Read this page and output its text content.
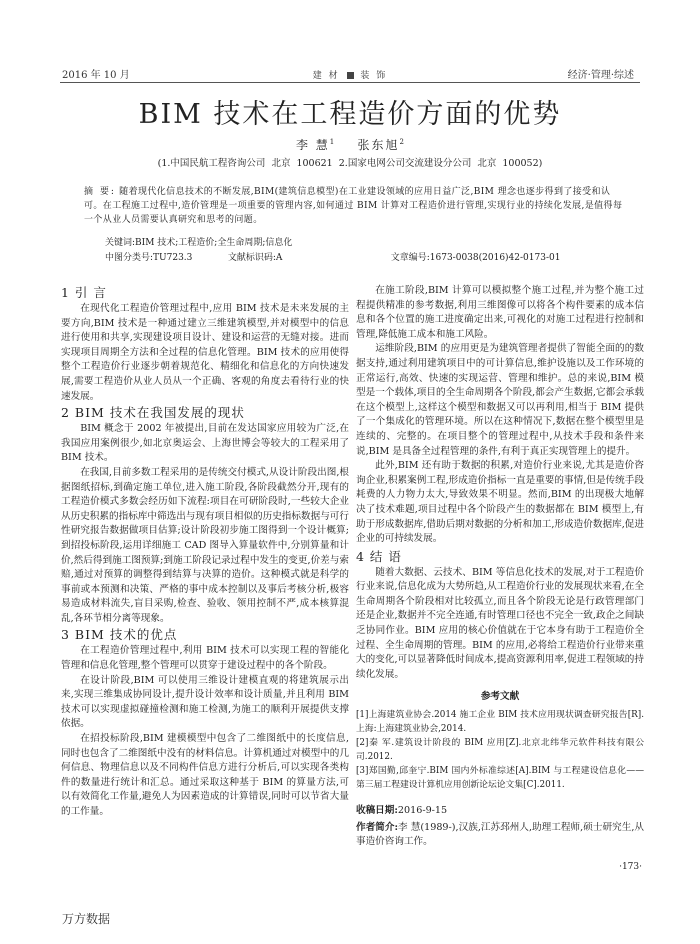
2016 年 10 月	建 材 装 饰	经济·管理·综述
BIM 技术在工程造价方面的优势
李 慧$^1$ 张东旭$^2$
(1.中国民航工程咨询公司 北京 100621 2.国家电网公司交流建设分公司 北京 100052)
摘 要: 随着现代化信息技术的不断发展,BIM(建筑信息模型)在工业建设领域的应用日益广泛,BIM 理念也逐步得到了接受和认可。在工程施工过程中,造价管理是一项重要的管理内容,如何通过 BIM 计算对工程造价进行管理,实现行业的持续化发展,是值得每一个从业人员需要认真研究和思考的问题。
关键词:BIM 技术;工程造价;全生命周期;信息化
中图分类号:TU723.3	文献标识码:A	文章编号:1673-0038(2016)42-0173-01
1 引 言

在现代化工程造价管理过程中,应用 BIM 技术是未来发展的主要方向,BIM 技术是一种通过建立三维建筑模型,并对模型中的信息进行使用和共享,实现建设项目设计、建设和运营的无缝对接。进而实现项目周期全方法和全过程的信息化管理。BIM 技术的应用使得整个工程造价行业逐步朝着规范化、精细化和信息化的方向快速发展,需要工程造价从业人员从一个正确、客观的角度去看待行业的快速发展。

2 BIM 技术在我国发展的现状

BIM 概念于 2002 年被提出,目前在发达国家应用较为广泛,在我国应用案例很少,如北京奥运会、上海世博会等较大的工程采用了 BIM 技术。

在我国,目前多数工程采用的是传统交付模式,从设计阶段出图,根据图纸招标,到确定施工单位,进入施工阶段,各阶段截然分开,现有的工程造价模式多数会经历如下流程:项目在可研阶段时,一些较大企业从历史积累的指标库中筛选出与现有项目相似的历史指标数据与可行性研究报告数据做项目估算;设计阶段初步施工图得到一个设计概算;到招投标阶段,运用详细施工 CAD 图导入算量软件中,分别算量和计价,然后得到施工图预算;到施工阶段记录过程中发生的变更,价差与索赔,通过对预算的调整得到结算与决算的造价。这种模式就是科学的事前或本预测和决策、严格的事中成本控制以及事后考核分析,极容易造成材料流失,盲目采购,检查、验收、领用控制不严,成本核算混乱,各环节相分离等现象。

3 BIM 技术的优点

在工程造价管理过程中,利用 BIM 技术可以实现工程的智能化管理和信息化管理,整个管理可以贯穿于建设过程中的各个阶段。

在设计阶段,BIM 可以使用三维设计建模直观的将建筑展示出来,实现三维集成协同设计,提升设计效率和设计质量,并且利用 BIM 技术可以实现虚拟碰撞检测和施工检测,为施工的顺利开展提供支撑依据。

在招投标阶段,BIM 建模模型中包含了二维图纸中的长度信息,同时也包含了二维图纸中没有的材料信息。计算机通过对模型中的几何信息、物理信息以及不同构件信息方进行分析后,可以实现各类构件的数量进行统计和汇总。通过采取这种基于 BIM 的算量方法,可以有效简化工作量,避免人为因素造成的计算错误,同时可以节省大量的工作量。

在施工阶段,BIM 计算可以模拟整个施工过程,并为整个施工过程提供精准的参考数据,利用三维图像可以将各个构件要素的成本信息和各个位置的施工进度确定出来,可视化的对施工过程进行控制和管理,降低施工成本和施工风险。

运维阶段,BIM 的应用更是为建筑管理者提供了智能全面的的数据支持,通过利用建筑项目中的可计算信息,维护设施以及工作环境的正常运行,高效、快速的实现运营、管理和维护。总的来说,BIM 模型是一个载体,项目的全生命周期各个阶段,都会产生数据,它都会承载在这个模型上,这样这个模型和数据又可以再利用,相当于 BIM 提供了一个集成化的管理环境。所以在这种情况下,数据在整个模型里是连续的、完整的。在项目整个的管理过程中,从技术手段和条件来说,BIM 是具备全过程管理的条件,有利于真正实现管理上的提升。

此外,BIM 还有助于数据的积累,对造价行业来说,尤其是造价咨询企业,积累案例工程,形成造价指标一直是重要的事情,但是传统手段耗费的人力物力太大,导致效果不明显。然而,BIM 的出现极大地解决了技术难题,项目过程中各个阶段产生的数据都在 BIM 模型上,有助于形成数据库,借助后期对数据的分析和加工,形成造价数据库,促进企业的可持续发展。

4 结 语

随着大数据、云技术、BIM 等信息化技术的发展,对于工程造价行业来说,信息化成为大势所趋,从工程造价行业的发展现状来看,在全生命周期各个阶段相对比较孤立,而且各个阶段无论是行政管理部门还是企业,数据并不完全连通,有时管理口径也不完全一致,政企之间缺乏协同作业。BIM 应用的核心价值就在于它本身有助于工程造价全过程、全生命周期的管理。BIM 的应用,必将给工程造价行业带来重大的变化,可以显著降低时间成本,提高资源利用率,促进工程领域的持续化发展。

参考文献
[1]上海建筑业协会.2014 施工企业 BIM 技术应用现状调查研究报告[R].上海:上海建筑业协会,2014.
[2]秦 军.建筑设计阶段的 BIM 应用[Z].北京北纬华元软件科技有限公司.2012.
[3]郑国勤,邱奎宁.BIM 国内外标准综述[A].BIM 与工程建设信息化——第三届工程建设计算机应用创新论坛论文集[C].2011.
收稿日期:2016-9-15
作者简介:李 慧(1989-),汉族,江苏邳州人,助理工程师,硕士研究生,从事造价咨询工作。
·173·
万方数据
